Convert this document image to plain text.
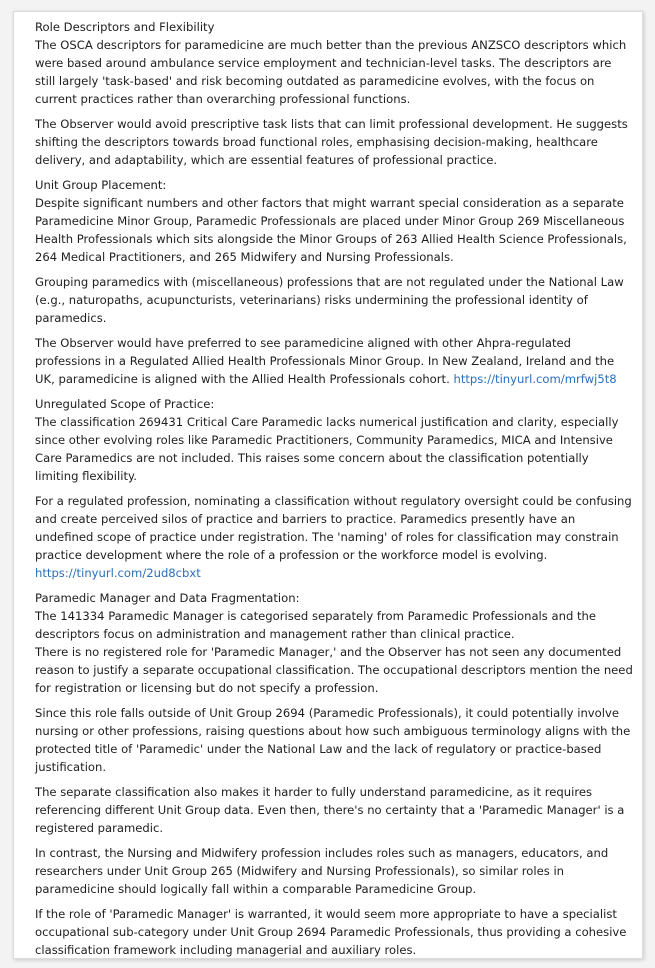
Role Descriptors and Flexibility
The OSCA descriptors for paramedicine are much better than the previous ANZSCO descriptors which were based around ambulance service employment and technician-level tasks. The descriptors are still largely 'task-based' and risk becoming outdated as paramedicine evolves, with the focus on current practices rather than overarching professional functions.

The Observer would avoid prescriptive task lists that can limit professional development. He suggests shifting the descriptors towards broad functional roles, emphasising decision-making, healthcare delivery, and adaptability, which are essential features of professional practice.

Unit Group Placement:
Despite significant numbers and other factors that might warrant special consideration as a separate Paramedicine Minor Group, Paramedic Professionals are placed under Minor Group 269 Miscellaneous Health Professionals which sits alongside the Minor Groups of 263 Allied Health Science Professionals, 264 Medical Practitioners, and 265 Midwifery and Nursing Professionals.

Grouping paramedics with (miscellaneous) professions that are not regulated under the National Law (e.g., naturopaths, acupuncturists, veterinarians) risks undermining the professional identity of paramedics.

The Observer would have preferred to see paramedicine aligned with other Ahpra-regulated professions in a Regulated Allied Health Professionals Minor Group. In New Zealand, Ireland and the UK, paramedicine is aligned with the Allied Health Professionals cohort. https://tinyurl.com/mrfwj5t8

Unregulated Scope of Practice:
The classification 269431 Critical Care Paramedic lacks numerical justification and clarity, especially since other evolving roles like Paramedic Practitioners, Community Paramedics, MICA and Intensive Care Paramedics are not included. This raises some concern about the classification potentially limiting flexibility.

For a regulated profession, nominating a classification without regulatory oversight could be confusing and create perceived silos of practice and barriers to practice. Paramedics presently have an undefined scope of practice under registration. The 'naming' of roles for classification may constrain practice development where the role of a profession or the workforce model is evolving.
https://tinyurl.com/2ud8cbxt

Paramedic Manager and Data Fragmentation:
The 141334 Paramedic Manager is categorised separately from Paramedic Professionals and the descriptors focus on administration and management rather than clinical practice.
There is no registered role for 'Paramedic Manager,' and the Observer has not seen any documented reason to justify a separate occupational classification. The occupational descriptors mention the need for registration or licensing but do not specify a profession.

Since this role falls outside of Unit Group 2694 (Paramedic Professionals), it could potentially involve nursing or other professions, raising questions about how such ambiguous terminology aligns with the protected title of 'Paramedic' under the National Law and the lack of regulatory or practice-based justification.

The separate classification also makes it harder to fully understand paramedicine, as it requires referencing different Unit Group data. Even then, there's no certainty that a 'Paramedic Manager' is a registered paramedic.

In contrast, the Nursing and Midwifery profession includes roles such as managers, educators, and researchers under Unit Group 265 (Midwifery and Nursing Professionals), so similar roles in paramedicine should logically fall within a comparable Paramedicine Group.

If the role of 'Paramedic Manager' is warranted, it would seem more appropriate to have a specialist occupational sub-category under Unit Group 2694 Paramedic Professionals, thus providing a cohesive classification framework including managerial and auxiliary roles.
